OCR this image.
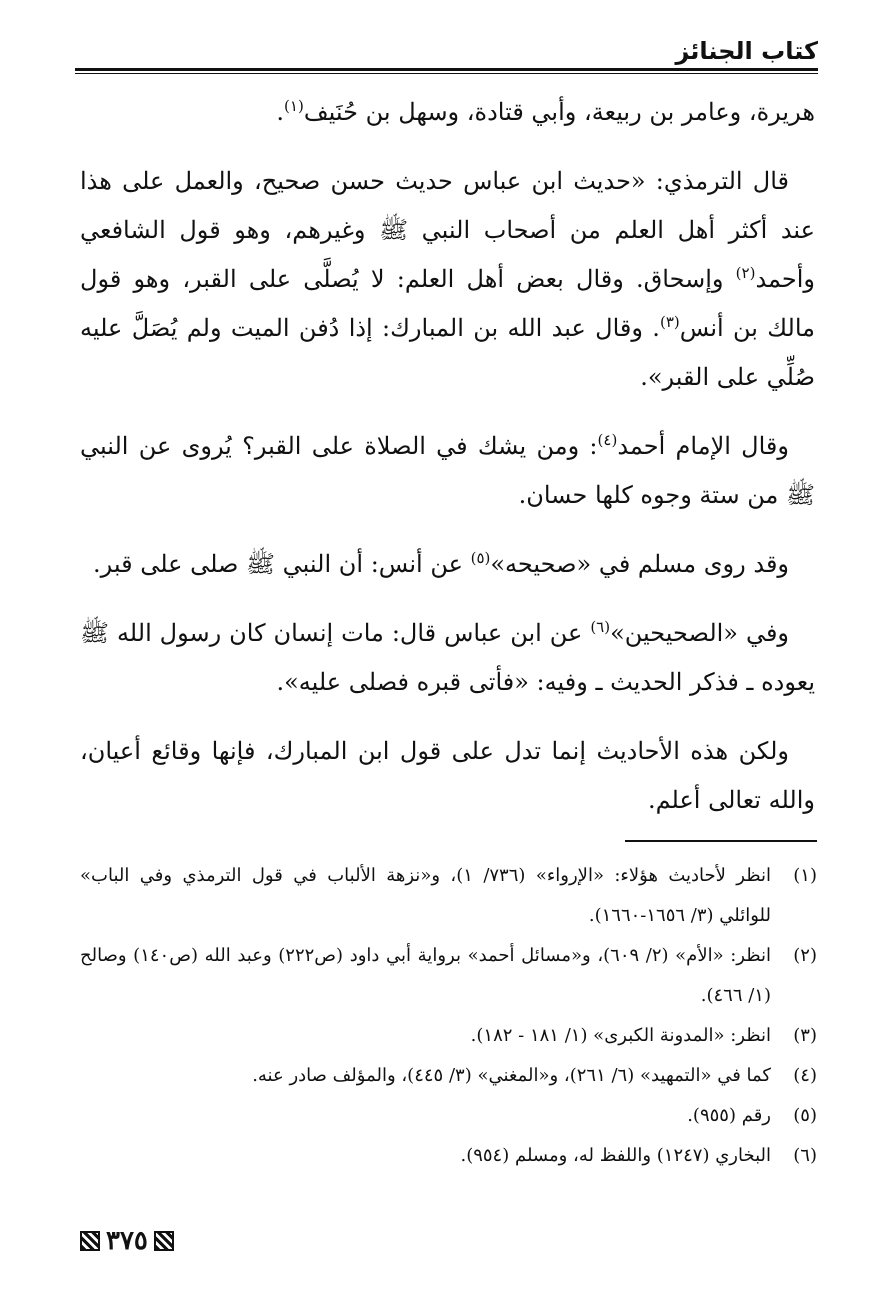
كتاب الجنائز

هريرة، وعامر بن ربيعة، وأبي قتادة، وسهل بن حُنَيف$^{(١)}$.

قال الترمذي: «حديث ابن عباس حديث حسن صحيح، والعمل على هذا عند أكثر أهل العلم من أصحاب النبي ﷺ وغيرهم، وهو قول الشافعي وأحمد$^{(٢)}$ وإسحاق. وقال بعض أهل العلم: لا يُصلَّى على القبر، وهو قول مالك بن أنس$^{(٣)}$. وقال عبد الله بن المبارك: إذا دُفن الميت ولم يُصَلَّ عليه صُلِّي على القبر».

وقال الإمام أحمد$^{(٤)}$: ومن يشك في الصلاة على القبر؟ يُروى عن النبي ﷺ من ستة وجوه كلها حسان.

وقد روى مسلم في «صحيحه»$^{(٥)}$ عن أنس: أن النبي ﷺ صلى على قبر.

وفي «الصحيحين»$^{(٦)}$ عن ابن عباس قال: مات إنسان كان رسول الله ﷺ يعوده ـ فذكر الحديث ـ وفيه: «فأتى قبره فصلى عليه».

ولكن هذه الأحاديث إنما تدل على قول ابن المبارك، فإنها وقائع أعيان، والله تعالى أعلم.

(١)
انظر لأحاديث هؤلاء: «الإرواء» (٧٣٦/ ١)، و«نزهة الألباب في قول الترمذي وفي الباب» للوائلي (٣/ ١٦٥٦-١٦٦٠).
(٢)
انظر: «الأم» (٢/ ٦٠٩)، و«مسائل أحمد» برواية أبي داود (ص٢٢٢) وعبد الله (ص١٤٠) وصالح (١/ ٤٦٦).
(٣)
انظر: «المدونة الكبرى» (١/ ١٨١ - ١٨٢).
(٤)
كما في «التمهيد» (٦/ ٢٦١)، و«المغني» (٣/ ٤٤٥)، والمؤلف صادر عنه.
(٥)
رقم (٩٥٥).
(٦)
البخاري (١٢٤٧) واللفظ له، ومسلم (٩٥٤).
٣٧٥
